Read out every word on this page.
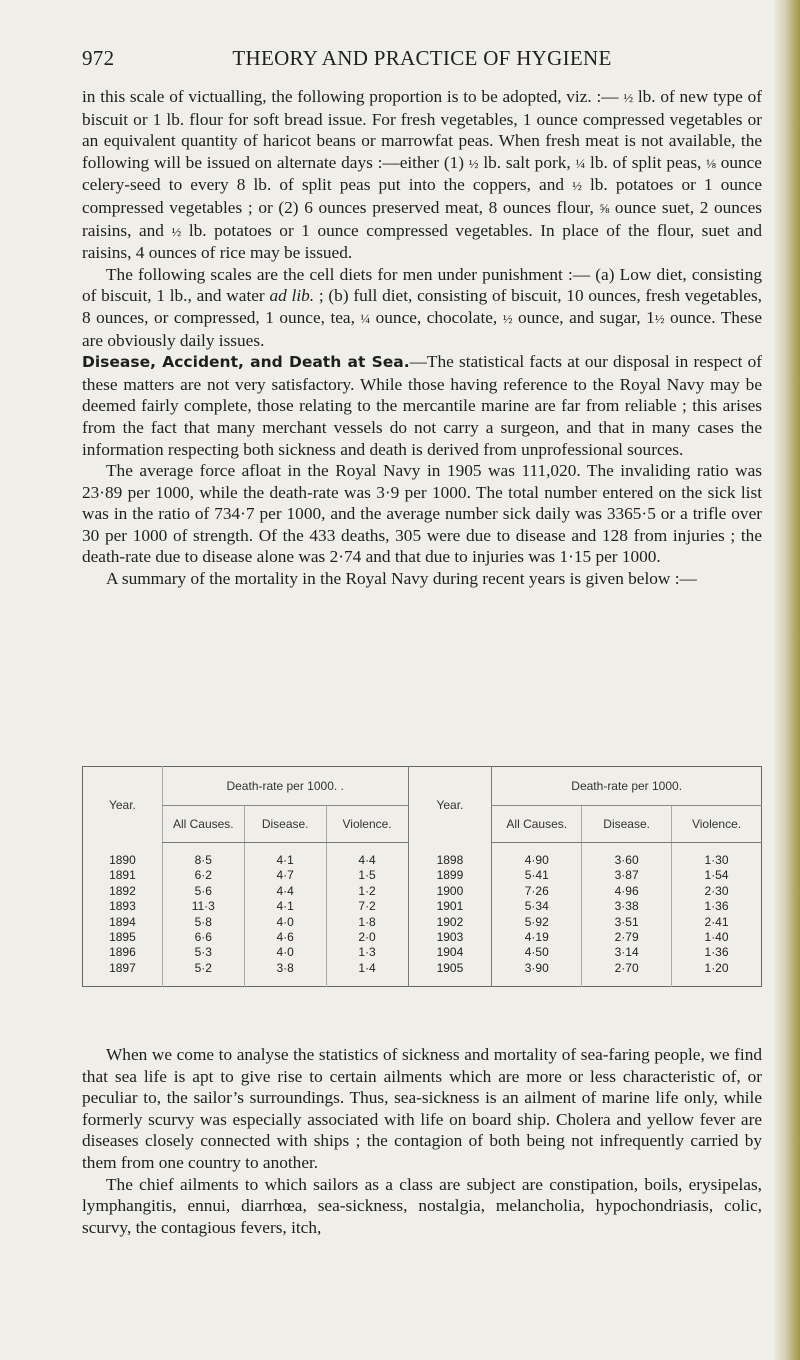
THEORY AND PRACTICE OF HYGIENE
972

in this scale of victualling, the following proportion is to be adopted, viz. :— ½ lb. of new type of biscuit or 1 lb. flour for soft bread issue. For fresh vegetables, 1 ounce compressed vegetables or an equivalent quantity of haricot beans or marrowfat peas. When fresh meat is not available, the following will be issued on alternate days :—either (1) ½ lb. salt pork, ¼ lb. of split peas, ⅛ ounce celery-seed to every 8 lb. of split peas put into the coppers, and ½ lb. potatoes or 1 ounce compressed vegetables ; or (2) 6 ounces preserved meat, 8 ounces flour, ⅝ ounce suet, 2 ounces raisins, and ½ lb. potatoes or 1 ounce compressed vegetables. In place of the flour, suet and raisins, 4 ounces of rice may be issued.

The following scales are the cell diets for men under punishment :— (a) Low diet, consisting of biscuit, 1 lb., and water ad lib. ; (b) full diet, consisting of biscuit, 10 ounces, fresh vegetables, 8 ounces, or compressed, 1 ounce, tea, ¼ ounce, chocolate, ½ ounce, and sugar, 1½ ounce. These are obviously daily issues.

Disease, Accident, and Death at Sea.—The statistical facts at our disposal in respect of these matters are not very satisfactory. While those having reference to the Royal Navy may be deemed fairly complete, those relating to the mercantile marine are far from reliable ; this arises from the fact that many merchant vessels do not carry a surgeon, and that in many cases the information respecting both sickness and death is derived from unprofessional sources.

The average force afloat in the Royal Navy in 1905 was 111,020. The invaliding ratio was 23·89 per 1000, while the death-rate was 3·9 per 1000. The total number entered on the sick list was in the ratio of 734·7 per 1000, and the average number sick daily was 3365·5 or a trifle over 30 per 1000 of strength. Of the 433 deaths, 305 were due to disease and 128 from injuries ; the death-rate due to disease alone was 2·74 and that due to injuries was 1·15 per 1000.

A summary of the mortality in the Royal Navy during recent years is given below :—

Year.	Death-rate per 1000. .			Year.	Death-rate per 1000.		
	All Causes.	Disease.	Violence.		All Causes.	Disease.	Violence.
1890	8·5	4·1	4·4	1898	4·90	3·60	1·30
1891	6·2	4·7	1·5	1899	5·41	3·87	1·54
1892	5·6	4·4	1·2	1900	7·26	4·96	2·30
1893	11·3	4·1	7·2	1901	5·34	3·38	1·36
1894	5·8	4·0	1·8	1902	5·92	3·51	2·41
1895	6·6	4·6	2·0	1903	4·19	2·79	1·40
1896	5·3	4·0	1·3	1904	4·50	3·14	1·36
1897	5·2	3·8	1·4	1905	3·90	2·70	1·20

When we come to analyse the statistics of sickness and mortality of sea-faring people, we find that sea life is apt to give rise to certain ailments which are more or less characteristic of, or peculiar to, the sailor’s surroundings. Thus, sea-sickness is an ailment of marine life only, while formerly scurvy was especially associated with life on board ship. Cholera and yellow fever are diseases closely connected with ships ; the contagion of both being not infrequently carried by them from one country to another.

The chief ailments to which sailors as a class are subject are constipation, boils, erysipelas, lymphangitis, ennui, diarrhœa, sea-sickness, nostalgia, melancholia, hypochondriasis, colic, scurvy, the contagious fevers, itch,
